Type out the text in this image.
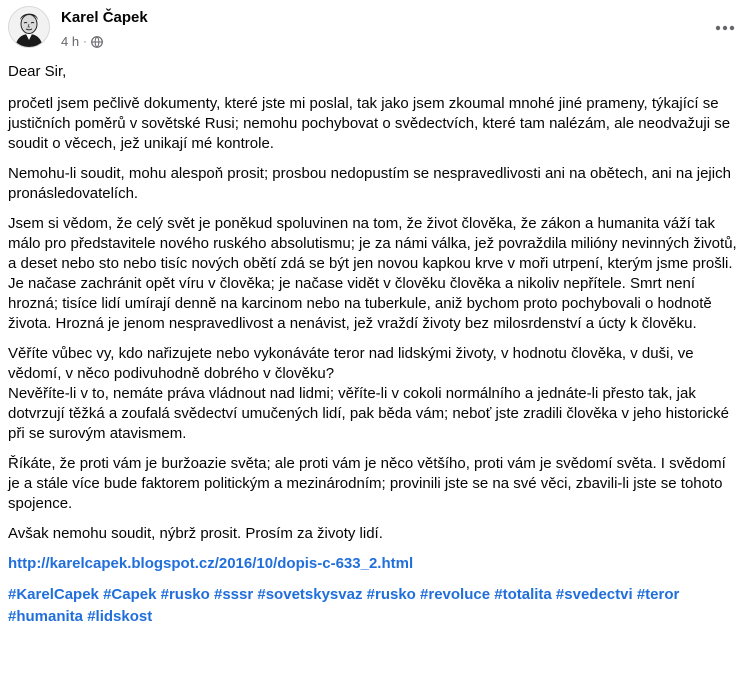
Karel Čapek
4 h ·

Dear Sir,

pročetl jsem pečlivě dokumenty, které jste mi poslal, tak jako jsem zkoumal mnohé jiné prameny, týkající se justičních poměrů v sovětské Rusi; nemohu pochybovat o svědectvích, které tam nalézám, ale neodvažuji se soudit o věcech, jež unikají mé kontrole.

Nemohu-li soudit, mohu alespoň prosit; prosbou nedopustím se nespravedlivosti ani na obětech, ani na jejich pronásledovatelích.

Jsem si vědom, že celý svět je poněkud spoluvinen na tom, že život člověka, že zákon a humanita váží tak málo pro představitele nového ruského absolutismu; je za námi válka, jež povraždila milióny nevinných životů, a deset nebo sto nebo tisíc nových obětí zdá se být jen novou kapkou krve v moři utrpení, kterým jsme prošli. Je načase zachránit opět víru v člověka; je načase vidět v člověku člověka a nikoliv nepřítele. Smrt není hrozná; tisíce lidí umírají denně na karcinom nebo na tuberkule, aniž bychom proto pochybovali o hodnotě života. Hrozná je jenom nespravedlivost a nenávist, jež vraždí životy bez milosrdenství a úcty k člověku.

Věříte vůbec vy, kdo nařizujete nebo vykonáváte teror nad lidskými životy, v hodnotu člověka, v duši, ve vědomí, v něco podivuhodně dobrého v člověku?
Nevěříte-li v to, nemáte práva vládnout nad lidmi; věříte-li v cokoli normálního a jednáte-li přesto tak, jak dotvrzují těžká a zoufalá svědectví umučených lidí, pak běda vám; neboť jste zradili člověka v jeho historické při se surovým atavismem.

Říkáte, že proti vám je buržoazie světa; ale proti vám je něco většího, proti vám je svědomí světa. I svědomí je a stále více bude faktorem politickým a mezinárodním; provinili jste se na své věci, zbavili-li jste se tohoto spojence.

Avšak nemohu soudit, nýbrž prosit. Prosím za životy lidí.

http://karelcapek.blogspot.cz/2016/10/dopis-c-633_2.html

#KarelCapek #Capek #rusko #sssr #sovetskysvaz #rusko #revoluce #totalita #svedectvi #teror #humanita #lidskost
